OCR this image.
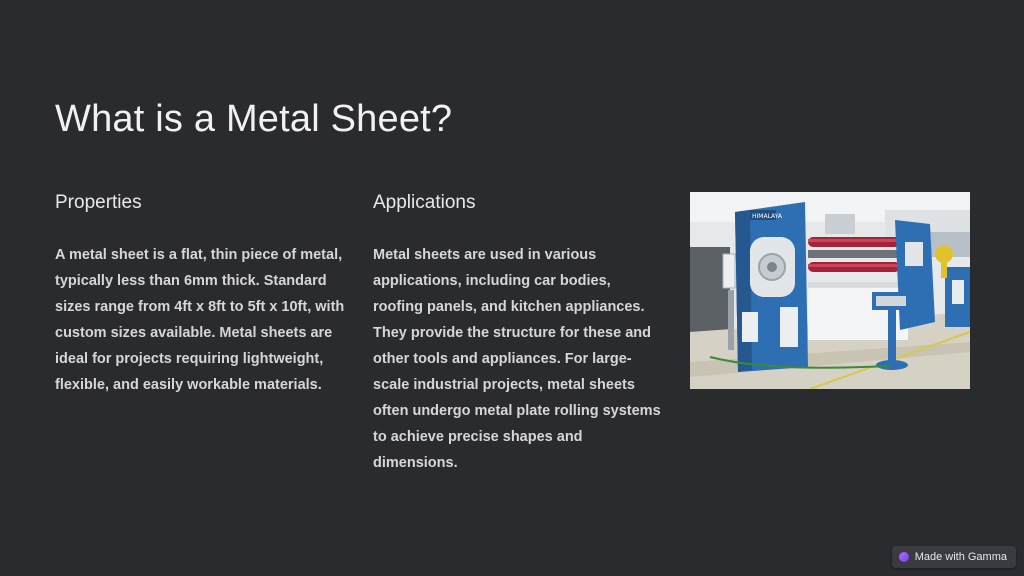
What is a Metal Sheet?
Properties

A metal sheet is a flat, thin piece of metal, typically less than 6mm thick. Standard sizes range from 4ft x 8ft to 5ft x 10ft, with custom sizes available. Metal sheets are ideal for projects requiring lightweight, flexible, and easily workable materials.

Applications

Metal sheets are used in various applications, including car bodies, roofing panels, and kitchen appliances. They provide the structure for these and other tools and appliances. For large-scale industrial projects, metal sheets often undergo metal plate rolling systems to achieve precise shapes and dimensions.

HIMALAYA
Made with Gamma
